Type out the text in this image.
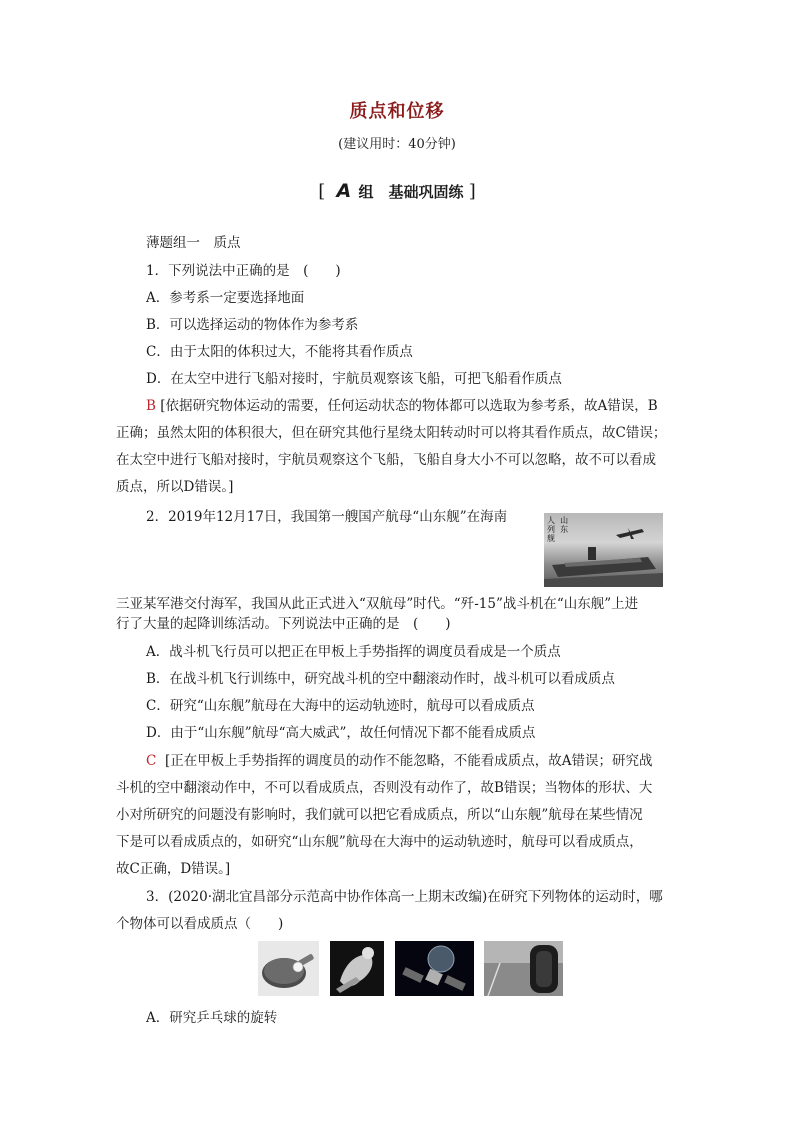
质点和位移
(建议用时：40分钟)
[ A 组　基础巩固练 ]
薄题组一　质点
1．下列说法中正确的是　(　　)
A．参考系一定要选择地面
B．可以选择运动的物体作为参考系
C．由于太阳的体积过大，不能将其看作质点
D．在太空中进行飞船对接时，宇航员观察该飞船，可把飞船看作质点
B [依据研究物体运动的需要，任何运动状态的物体都可以选取为参考系，故A错误，B
正确；虽然太阳的体积很大，但在研究其他行星绕太阳转动时可以将其看作质点，故C错误；
在太空中进行飞船对接时，宇航员观察这个飞船，飞船自身大小不可以忽略，故不可以看成
质点，所以D错误。]
2．2019年12月17日，我国第一艘国产航母“山东舰”在海南	人 山
列 东
舰
三亚某军港交付海军，我国从此正式进入“双航母”时代。“歼-15”战斗机在“山东舰”上进
行了大量的起降训练活动。下列说法中正确的是　(　　)
A．战斗机飞行员可以把正在甲板上手势指挥的调度员看成是一个质点
B．在战斗机飞行训练中，研究战斗机的空中翻滚动作时，战斗机可以看成质点
C．研究“山东舰”航母在大海中的运动轨迹时，航母可以看成质点
D．由于“山东舰”航母“高大威武”，故任何情况下都不能看成质点
C [正在甲板上手势指挥的调度员的动作不能忽略，不能看成质点，故A错误；研究战
斗机的空中翻滚动作中，不可以看成质点，否则没有动作了，故B错误；当物体的形状、大
小对所研究的问题没有影响时，我们就可以把它看成质点，所以“山东舰”航母在某些情况
下是可以看成质点的，如研究“山东舰”航母在大海中的运动轨迹时，航母可以看成质点，
故C正确，D错误。]
3．(2020·湖北宜昌部分示范高中协作体高一上期末改编)在研究下列物体的运动时，哪
个物体可以看成质点（　　)
A．研究乒乓球的旋转
